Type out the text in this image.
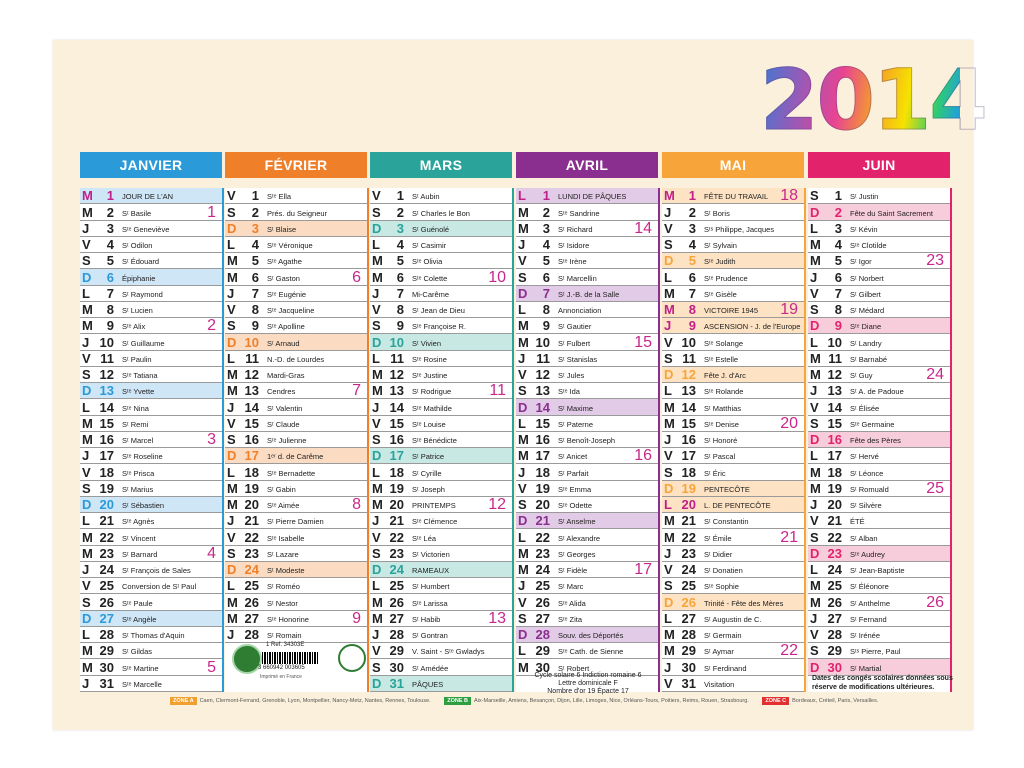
2014
JANVIER
M	1 JOUR DE L'AN
M	2 Sᵗ Basile	1
J	3 Sᵗᵉ Geneviève
V	4 Sᵗ Odilon
S	5 Sᵗ Édouard
D	6 Épiphanie
L	7 Sᵗ Raymond
M	8 Sᵗ Lucien
M	9 Sᵗᵉ Alix	2
J 10 Sᵗ Guillaume
V 11 Sᵗ Paulin
S 12 Sᵗᵉ Tatiana
D 13 Sᵗᵉ Yvette
L 14 Sᵗᵉ Nina
M 15 Sᵗ Remi
M 16 Sᵗ Marcel	3
J 17 Sᵗᵉ Roseline
V 18 Sᵗᵉ Prisca
S 19 Sᵗ Marius
D 20 Sᵗ Sébastien
L 21 Sᵗᵉ Agnès
M 22 Sᵗ Vincent
M 23 Sᵗ Barnard	4
J 24 Sᵗ François de Sales
V 25 Conversion de Sᵗ Paul
S 26 Sᵗᵉ Paule
D 27 Sᵗᵉ Angèle
L 28 Sᵗ Thomas d'Aquin
M 29 Sᵗ Gildas
M 30 Sᵗᵉ Martine	5
J 31 Sᵗᵉ Marcelle
FÉVRIER
V	1 Sᵗᵉ Ella
S	2 Prés. du Seigneur
D	3 Sᵗ Blaise
L	4 Sᵗᵉ Véronique
M	5 Sᵗᵉ Agathe
M	6 Sᵗ Gaston	6
J	7 Sᵗᵉ Eugénie
V	8 Sᵗᵉ Jacqueline
S	9 Sᵗᵉ Apolline
D 10 Sᵗ Arnaud
L 11 N.-D. de Lourdes
M 12 Mardi-Gras
M 13 Cendres	7
J 14 Sᵗ Valentin
V 15 Sᵗ Claude
S 16 Sᵗᵉ Julienne
D 17 1ᵉʳ d. de Carême
L 18 Sᵗᵉ Bernadette
M 19 Sᵗ Gabin
M 20 Sᵗᵉ Aimée	8
J 21 Sᵗ Pierre Damien
V 22 Sᵗᵉ Isabelle
S 23 Sᵗ Lazare
D 24 Sᵗ Modeste
L 25 Sᵗ Roméo
M 26 Sᵗ Nestor
M 27 Sᵗᵉ Honorine	9
J 28 Sᵗ Romain
MARS
V	1 Sᵗ Aubin
S	2 Sᵗ Charles le Bon
D	3 Sᵗ Guénolé
L	4 Sᵗ Casimir
M	5 Sᵗᵉ Olivia
M	6 Sᵗᵉ Colette	10
J	7 Mi-Carême
V	8 Sᵗ Jean de Dieu
S	9 Sᵗᵉ Françoise R.
D 10 Sᵗ Vivien
L 11 Sᵗᵉ Rosine
M 12 Sᵗᵉ Justine
M 13 Sᵗ Rodrigue 11
J 14 Sᵗᵉ Mathilde
V 15 Sᵗᵉ Louise
S 16 Sᵗᵉ Bénédicte
D 17 Sᵗ Patrice
L 18 Sᵗ Cyrille
M 19 Sᵗ Joseph
M 20 PRINTEMPS 12
J 21 Sᵗᵉ Clémence
V 22 Sᵗᵉ Léa
S 23 Sᵗ Victorien
D 24 RAMEAUX
L 25 Sᵗ Humbert
M 26 Sᵗᵉ Larissa
M 27 Sᵗ Habib	13
J 28 Sᵗ Gontran
V 29 V. Saint - Sᵗᵉ Gwladys
S 30 Sᵗ Amédée
D 31 PÂQUES
AVRIL
L	1 LUNDI DE PÂQUES
M	2 Sᵗᵉ Sandrine
M	3 Sᵗ Richard	14
J	4 Sᵗ Isidore
V	5 Sᵗᵉ Irène
S	6 Sᵗ Marcellin
D	7 Sᵗ J.-B. de la Salle
L	8 Annonciation
M	9 Sᵗ Gautier
M 10 Sᵗ Fulbert	15
J 11 Sᵗ Stanislas
V 12 Sᵗ Jules
S 13 Sᵗᵉ Ida
D 14 Sᵗ Maxime
L 15 Sᵗ Paterne
M 16 Sᵗ Benoît-Joseph
M 17 Sᵗ Anicet	16
J 18 Sᵗ Parfait
V 19 Sᵗᵉ Emma
S 20 Sᵗᵉ Odette
D 21 Sᵗ Anselme
L 22 Sᵗ Alexandre
M 23 Sᵗ Georges
M 24 Sᵗ Fidèle	17
J 25 Sᵗ Marc
V 26 Sᵗᵉ Alida
S 27 Sᵗᵉ Zita
D 28 Souv. des Déportés
L 29 Sᵗᵉ Cath. de Sienne
M 30 Sᵗ Robert
MAI
M	1 FÊTE DU TRAVAIL 18
J	2 Sᵗ Boris
V	3 Sᵗˢ Philippe, Jacques
S	4 Sᵗ Sylvain
D	5 Sᵗᵉ Judith
L	6 Sᵗᵉ Prudence
M	7 Sᵗᵉ Gisèle
M	8 VICTOIRE 1945 19
J	9 ASCENSION - J. de l'Europe
V 10 Sᵗᵉ Solange
S 11 Sᵗᵉ Estelle
D 12 Fête J. d'Arc
L 13 Sᵗᵉ Rolande
M 14 Sᵗ Matthias
M 15 Sᵗᵉ Denise	20
J 16 Sᵗ Honoré
V 17 Sᵗ Pascal
S 18 Sᵗ Éric
D 19 PENTECÔTE
L 20 L. DE PENTECÔTE
M 21 Sᵗ Constantin
M 22 Sᵗ Émile	21
J 23 Sᵗ Didier
V 24 Sᵗ Donatien
S 25 Sᵗᵉ Sophie
D 26 Trinité - Fête des Mères
L 27 Sᵗ Augustin de C.
M 28 Sᵗ Germain
M 29 Sᵗ Aymar	22
J 30 Sᵗ Ferdinand
V 31 Visitation
JUIN
S	1 Sᵗ Justin
D	2 Fête du Saint Sacrement
L	3 Sᵗ Kévin
M	4 Sᵗᵉ Clotilde
M	5 Sᵗ Igor	23
J	6 Sᵗ Norbert
V	7 Sᵗ Gilbert
S	8 Sᵗ Médard
D	9 Sᵗᵉ Diane
L 10 Sᵗ Landry
M 11 Sᵗ Barnabé
M 12 Sᵗ Guy	24
J 13 Sᵗ A. de Padoue
V 14 Sᵗ Élisée
S 15 Sᵗᵉ Germaine
D 16 Fête des Pères
L 17 Sᵗ Hervé
M 18 Sᵗ Léonce
M 19 Sᵗ Romuald 25
J 20 Sᵗ Silvère
V 21 ÉTÉ
S 22 Sᵗ Alban
D 23 Sᵗᵉ Audrey
L 24 Sᵗ Jean-Baptiste
M 25 Sᵗ Éléonore
M 26 Sᵗ Anthelme 26
J 27 Sᵗ Fernand
V 28 Sᵗ Irénée
S 29 Sᵗˢ Pierre, Paul
D 30 Sᵗ Martial
1 Ref. 34303E
3 660942 003605
Imprimé en France	Cycle solaire 6 Indiction romaine 6
Lettre dominicale F
Nombre d'or 19 Épacte 17
Dates des congés scolaires données sous réserve de modifications ultérieures.
ZONE A Caen, Clermont-Ferrand, Grenoble, Lyon, Montpellier, Nancy-Metz, Nantes, Rennes, Toulouse.	ZONE B Aix-Marseille, Amiens, Besançon, Dijon, Lille, Limoges, Nice, Orléans-Tours, Poitiers, Reims, Rouen, Strasbourg.	ZONE C Bordeaux, Créteil, Paris, Versailles.
